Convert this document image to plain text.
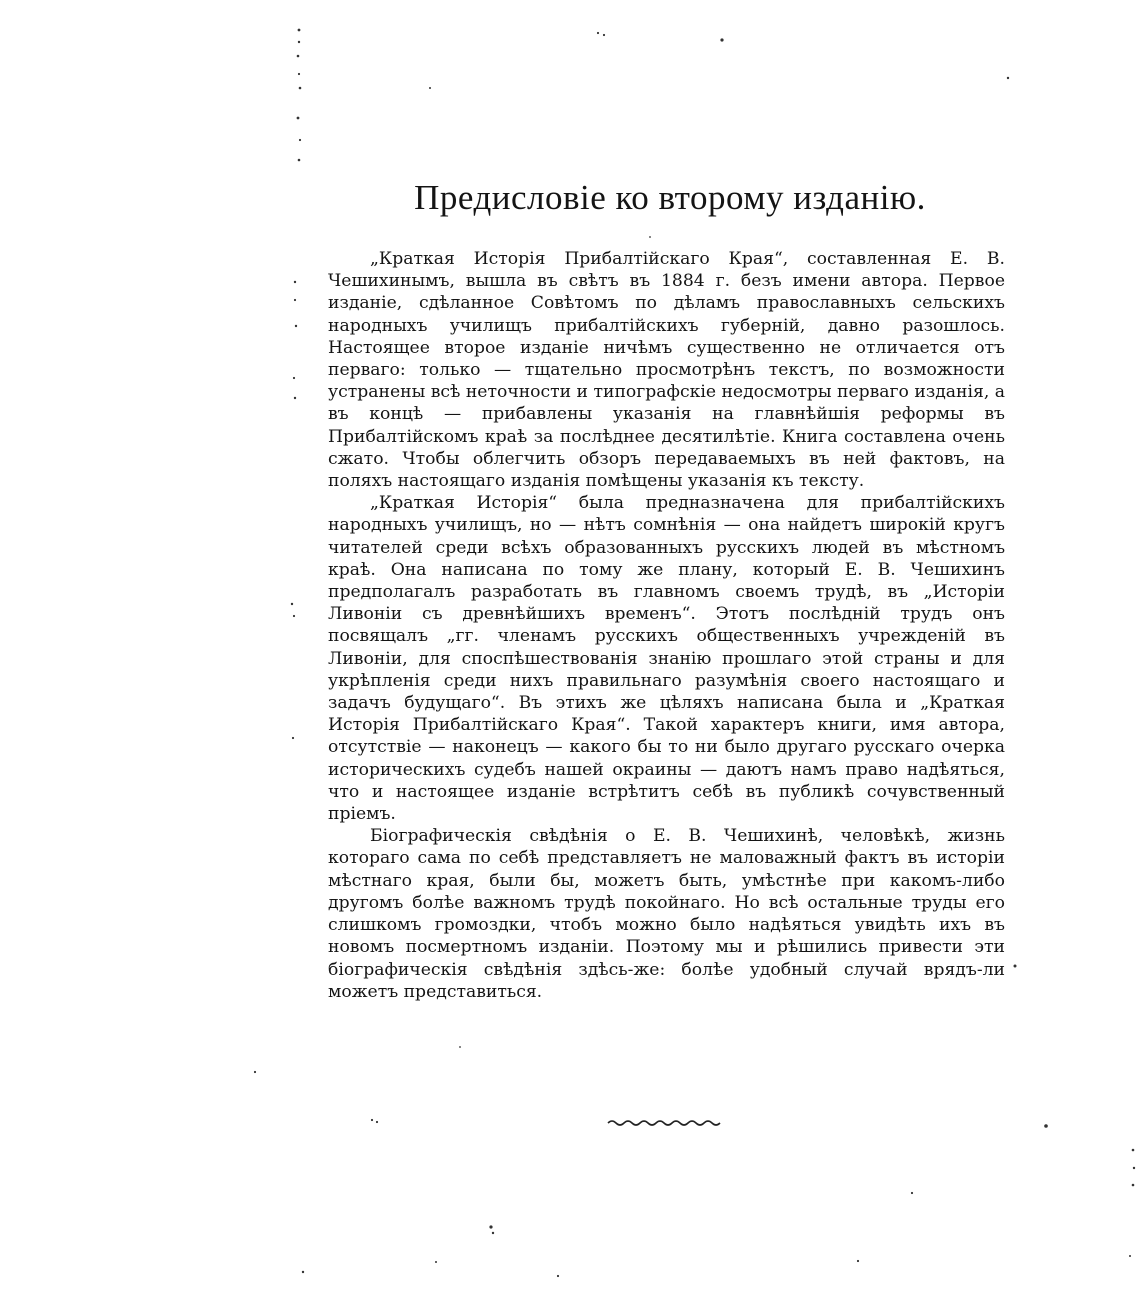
Предисловіе ко второму изданію.

„Краткая Исторія Прибалтійскаго Края“, составленная Е. В. Чешихинымъ, вышла въ свѣтъ въ 1884 г. безъ имени автора. Первое изданіе, сдѣланное Совѣтомъ по дѣламъ православныхъ сельскихъ народныхъ училищъ прибалтійскихъ губерній, давно разошлось. Настоящее второе изданіе ничѣмъ существенно не отличается отъ перваго: только — тщательно просмотрѣнъ текстъ, по возможности устранены всѣ неточности и типографскіе недосмотры перваго изданія, а въ концѣ — прибавлены указанія на главнѣйшія реформы въ Прибалтійскомъ краѣ за послѣднее десятилѣтіе. Книга составлена очень сжато. Чтобы облегчить обзоръ передаваемыхъ въ ней фактовъ, на поляхъ настоящаго изданія помѣщены указанія къ тексту.

„Краткая Исторія“ была предназначена для прибалтійскихъ народныхъ училищъ, но — нѣтъ сомнѣнія — она найдетъ широкій кругъ читателей среди всѣхъ образованныхъ русскихъ людей въ мѣстномъ краѣ. Она написана по тому же плану, который Е. В. Чешихинъ предполагалъ разработать въ главномъ своемъ трудѣ, въ „Исторіи Ливоніи съ древнѣйшихъ временъ“. Этотъ послѣдній трудъ онъ посвящалъ „гг. членамъ русскихъ общественныхъ учрежденій въ Ливоніи, для споспѣшествованія знанію прошлаго этой страны и для укрѣпленія среди нихъ правильнаго разумѣнія своего настоящаго и задачъ будущаго“. Въ этихъ же цѣляхъ написана была и „Краткая Исторія Прибалтійскаго Края“. Такой характеръ книги, имя автора, отсутствіе — наконецъ — какого бы то ни было другаго русскаго очерка историческихъ судебъ нашей окраины — даютъ намъ право надѣяться, что и настоящее изданіе встрѣтитъ себѣ въ публикѣ сочувственный пріемъ.

Біографическія свѣдѣнія о Е. В. Чешихинѣ, человѣкѣ, жизнь котораго сама по себѣ представляетъ не маловажный фактъ въ исторіи мѣстнаго края, были бы, можетъ быть, умѣстнѣе при какомъ-либо другомъ болѣе важномъ трудѣ покойнаго. Но всѣ остальные труды его слишкомъ громоздки, чтобъ можно было надѣяться увидѣть ихъ въ новомъ посмертномъ изданіи. Поэтому мы и рѣшились привести эти біографическія свѣдѣнія здѣсь-же: болѣе удобный случай врядъ-ли можетъ представиться.
